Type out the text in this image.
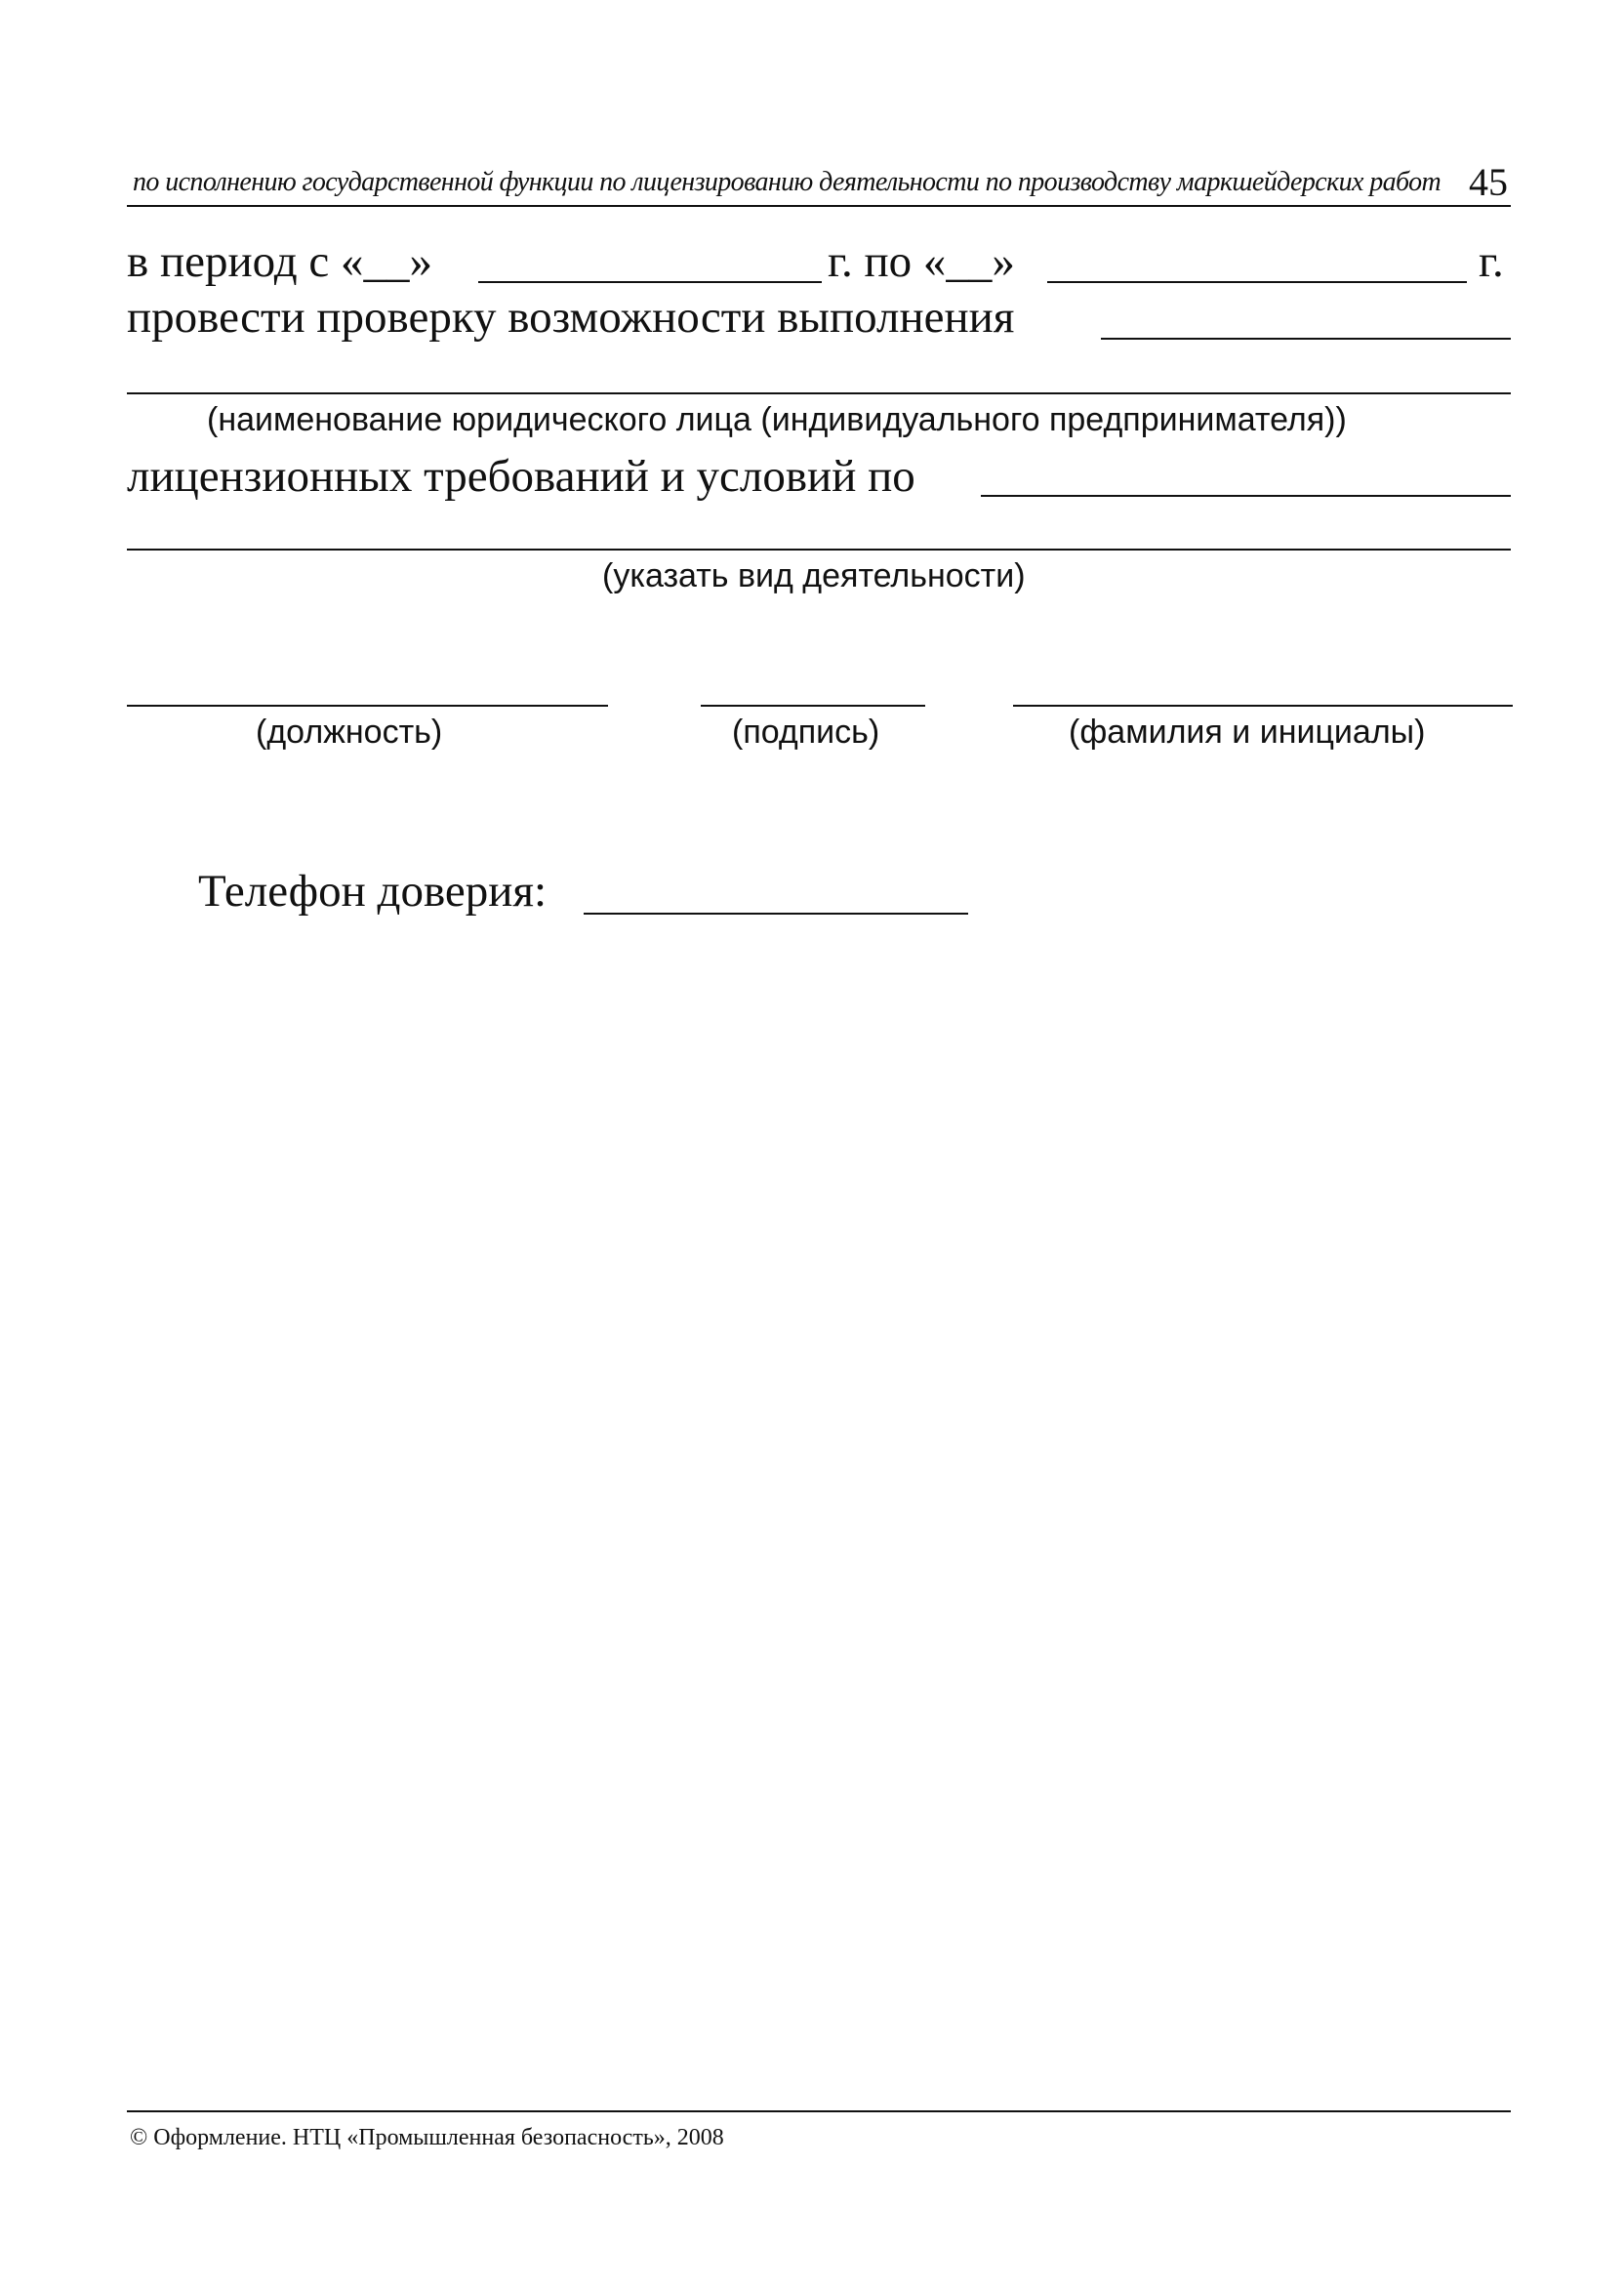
по исполнению государственной функции по лицензированию деятельности по производству маркшейдерских работ 45
в период с «__»	г. по «__»	г.
провести проверку возможности выполнения
(наименование юридического лица (индивидуального предпринимателя))
лицензионных требований и условий по
(указать вид деятельности)
(должность)	(подпись)	(фамилия и инициалы)
Телефон доверия:
© Оформление. НТЦ «Промышленная безопасность», 2008
